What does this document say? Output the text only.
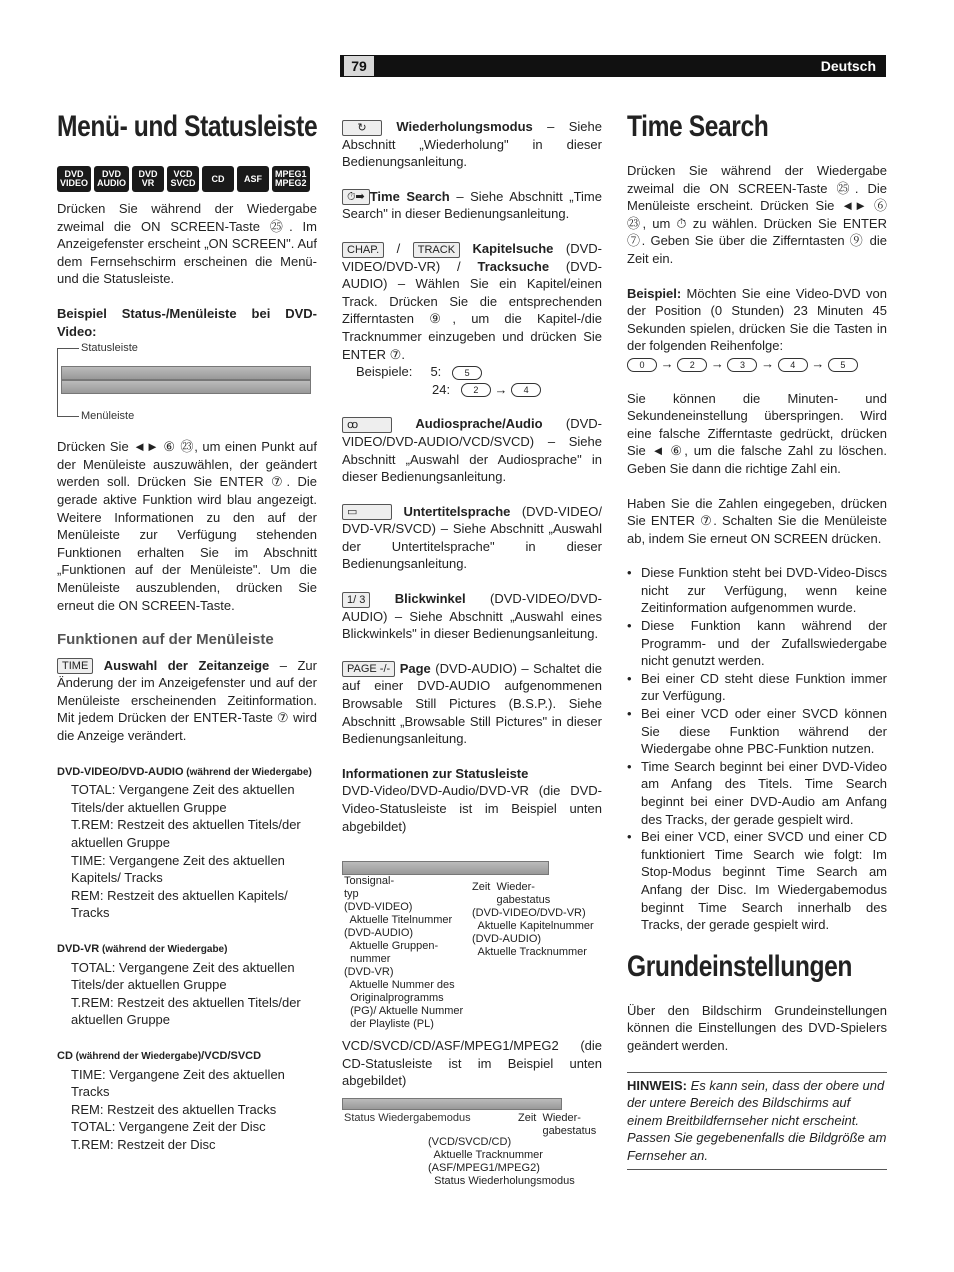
79	Deutsch
Menü- und Statusleiste
DVD
VIDEO
DVD
AUDIO
DVD
VR
VCD
SVCD CD ASF MPEG1
MPEG2

Drücken Sie während der Wiedergabe zweimal die ON SCREEN-Taste ㉕. Im Anzeigefenster erscheint „ON SCREEN". Auf dem Fernsehschirm erscheinen die Menü- und die Statusleiste.

Beispiel Status-/Menüleiste bei DVD-Video:

Statusleiste
Menüleiste

Drücken Sie ◄► ⑥ ㉓, um einen Punkt auf der Menüleiste auszuwählen, der geändert werden soll. Drücken Sie ENTER ⑦. Die gerade aktive Funktion wird blau angezeigt. Weitere Informationen zu den auf der Menüleiste zur Verfügung stehenden Funktionen erhalten Sie im Abschnitt „Funktionen auf der Menüleiste". Um die Menüleiste auszublenden, drücken Sie erneut die ON SCREEN-Taste.

Funktionen auf der Menüleiste

TIME Auswahl der Zeitanzeige – Zur Änderung der im Anzeigefenster und auf der Menüleiste erscheinenden Zeitinformation. Mit jedem Drücken der ENTER-Taste ⑦ wird die Anzeige verändert.

DVD-VIDEO/DVD-AUDIO (während der Wiedergabe)
TOTAL: Vergangene Zeit des aktuellen Titels/der aktuellen Gruppe
T.REM: Restzeit des aktuellen Titels/der aktuellen Gruppe
TIME: Vergangene Zeit des aktuellen Kapitels/ Tracks
REM: Restzeit des aktuellen Kapitels/ Tracks
DVD-VR (während der Wiedergabe)
TOTAL: Vergangene Zeit des aktuellen Titels/der aktuellen Gruppe
T.REM: Restzeit des aktuellen Titels/der aktuellen Gruppe
CD (während der Wiedergabe)/VCD/SVCD
TIME: Vergangene Zeit des aktuellen Tracks
REM: Restzeit des aktuellen Tracks
TOTAL: Vergangene Zeit der Disc
T.REM: Restzeit der Disc

↻ Wiederholungsmodus – Siehe Abschnitt „Wiederholung" in dieser Bedienungsanleitung.

⏱➡ Time Search – Siehe Abschnitt „Time Search" in dieser Bedienungsanleitung.

CHAP. / TRACK Kapitelsuche (DVD-VIDEO/DVD-VR) / Tracksuche (DVD-AUDIO) – Wählen Sie ein Kapitel/einen Track. Drücken Sie die entsprechenden Zifferntasten ⑨, um die Kapitel-/die Tracknummer einzugeben und drücken Sie ENTER ⑦.

Beispiele: 5:	5
24:	2 → 4

ꝏ	Audiosprache/Audio (DVD-VIDEO/DVD-AUDIO/VCD/SVCD) – Siehe Abschnitt „Auswahl der Audiosprache" in dieser Bedienungsanleitung.

▭	Untertitelsprache (DVD-VIDEO/ DVD-VR/SVCD) – Siehe Abschnitt „Auswahl der Untertitelsprache" in dieser Bedienungsanleitung.

1/ 3 Blickwinkel (DVD-VIDEO/DVD-AUDIO) – Siehe Abschnitt „Auswahl eines Blickwinkels" in dieser Bedienungsanleitung.

PAGE -/- Page (DVD-AUDIO) – Schaltet die auf einer DVD-AUDIO aufgenommenen Browsable Still Pictures (B.S.P.). Siehe Abschnitt „Browsable Still Pictures" in dieser Bedienungsanleitung.

Informationen zur Statusleiste

DVD-Video/DVD-Audio/DVD-VR (die DVD-Video-Statusleiste ist im Beispiel unten abgebildet)

Tonsignal-
typ
(DVD-VIDEO)
Aktuelle Titelnummer
(DVD-AUDIO)
Aktuelle Gruppen-
nummer
(DVD-VR)
Aktuelle Nummer des
Originalprogramms
(PG)/ Aktuelle Nummer
der Playliste (PL)
Zeit  Wieder-
gabestatus
(DVD-VIDEO/DVD-VR)
Aktuelle Kapitelnummer
(DVD-AUDIO)
Aktuelle Tracknummer

VCD/SVCD/CD/ASF/MPEG1/MPEG2 (die CD-Statusleiste ist im Beispiel unten abgebildet)

Status Wiedergabemodus	Zeit  Wieder-
gabestatus
(VCD/SVCD/CD)
Aktuelle Tracknummer
(ASF/MPEG1/MPEG2)
Status Wiederholungsmodus
Time Search

Drücken Sie während der Wiedergabe zweimal die ON SCREEN-Taste ㉕. Die Menüleiste erscheint. Drücken Sie ◄► ⑥ ㉓, um ⏱ zu wählen. Drücken Sie ENTER ⑦. Geben Sie über die Zifferntasten ⑨ die Zeit ein.

Beispiel: Möchten Sie eine Video-DVD von der Position (0 Stunden) 23 Minuten 45 Sekunden spielen, drücken Sie die Tasten in der folgenden Reihenfolge:

0 → 2 → 3 → 4 → 5

Sie können die Minuten- und Sekundeneinstellung überspringen. Wird eine falsche Zifferntaste gedrückt, drücken Sie ◄ ⑥, um die falsche Zahl zu löschen. Geben Sie dann die richtige Zahl ein.

Haben Sie die Zahlen eingegeben, drücken Sie ENTER ⑦. Schalten Sie die Menüleiste ab, indem Sie erneut ON SCREEN drücken.

• Diese Funktion steht bei DVD-Video-Discs nicht zur Verfügung, wenn keine Zeitinformation aufgenommen wurde.
• Diese Funktion kann während der Programm- und der Zufallswiedergabe nicht genutzt werden.
• Bei einer CD steht diese Funktion immer zur Verfügung.
• Bei einer VCD oder einer SVCD können Sie diese Funktion während der Wiedergabe ohne PBC-Funktion nutzen.
• Time Search beginnt bei einer DVD-Video am Anfang des Titels. Time Search beginnt bei einer DVD-Audio am Anfang des Tracks, der gerade gespielt wird.
• Bei einer VCD, einer SVCD und einer CD funktioniert Time Search wie folgt: Im Stop-Modus beginnt Time Search am Anfang der Disc. Im Wiedergabemodus beginnt Time Search innerhalb des Tracks, der gerade gespielt wird.
Grundeinstellungen

Über den Bildschirm Grundeinstellungen können die Einstellungen des DVD-Spielers geändert werden.

HINWEIS: Es kann sein, dass der obere und der untere Bereich des Bildschirms auf einem Breitbildfernseher nicht erscheint. Passen Sie gegebenenfalls die Bildgröße am Fernseher an.
